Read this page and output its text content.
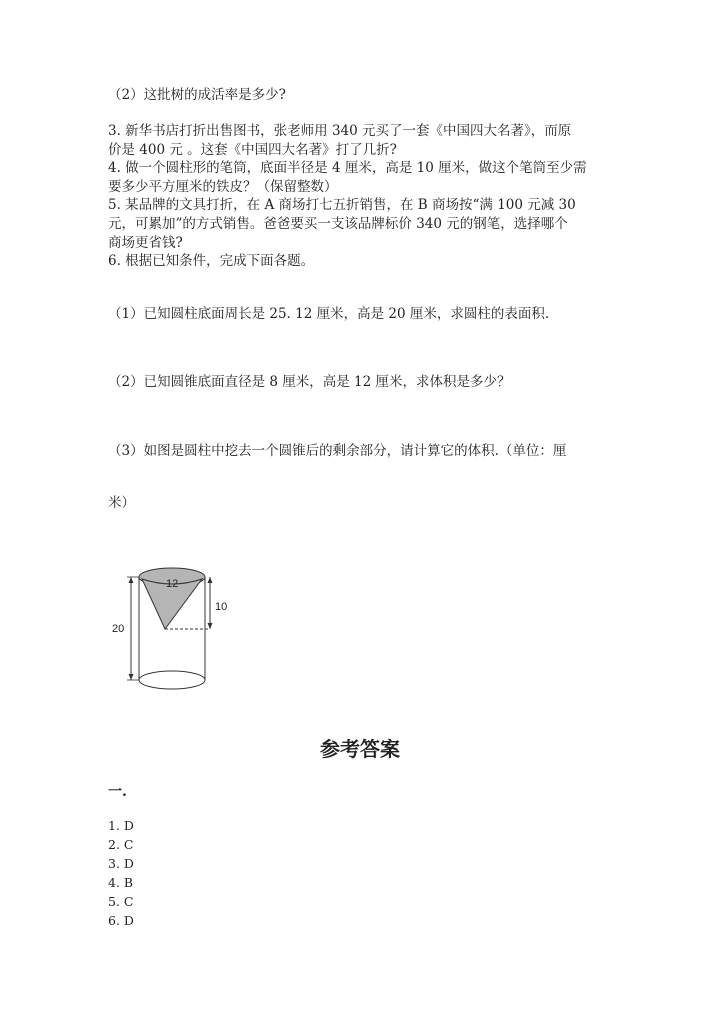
（2）这批树的成活率是多少?

3. 新华书店打折出售图书，张老师用 340 元买了一套《中国四大名著》，而原

价是 400 元 。这套《中国四大名著》打了几折?

4. 做一个圆柱形的笔筒，底面半径是 4 厘米，高是 10 厘米，做这个笔筒至少需

要多少平方厘米的铁皮？（保留整数）

5. 某品牌的文具打折，在 A 商场打七五折销售，在 B 商场按“满 100 元减 30

元，可累加”的方式销售。爸爸要买一支该品牌标价 340 元的钢笔，选择哪个

商场更省钱?

6. 根据已知条件，完成下面各题。

（1）已知圆柱底面周长是 25. 12 厘米，高是 20 厘米，求圆柱的表面积.

（2）已知圆锥底面直径是 8 厘米，高是 12 厘米，求体积是多少？

（3）如图是圆柱中挖去一个圆锥后的剩余部分，请计算它的体积.（单位：厘

米）

12
20
10
参考答案

一.

1. D
2. C
3. D
4. B
5. C
6. D
